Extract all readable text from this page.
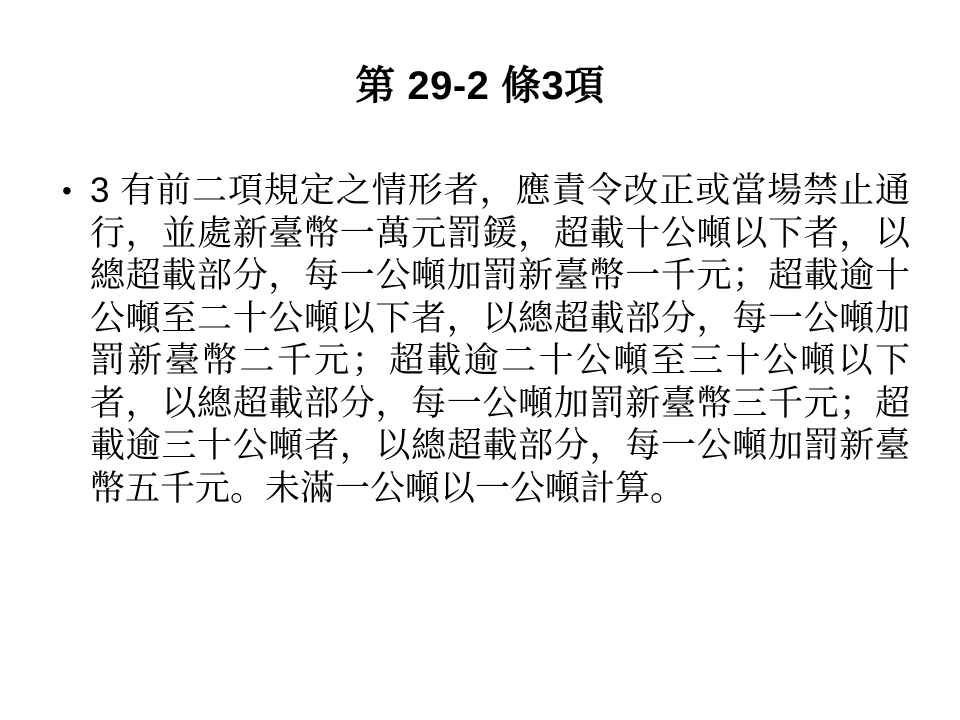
第 29-2 條3項
• 3 有前二項規定之情形者，應責令改正或當場禁止通行，並處新臺幣一萬元罰鍰，超載十公噸以下者，以總超載部分，每一公噸加罰新臺幣一千元；超載逾十公噸至二十公噸以下者，以總超載部分，每一公噸加罰新臺幣二千元；超載逾二十公噸至三十公噸以下者，以總超載部分，每一公噸加罰新臺幣三千元；超載逾三十公噸者，以總超載部分，每一公噸加罰新臺幣五千元。未滿一公噸以一公噸計算。
